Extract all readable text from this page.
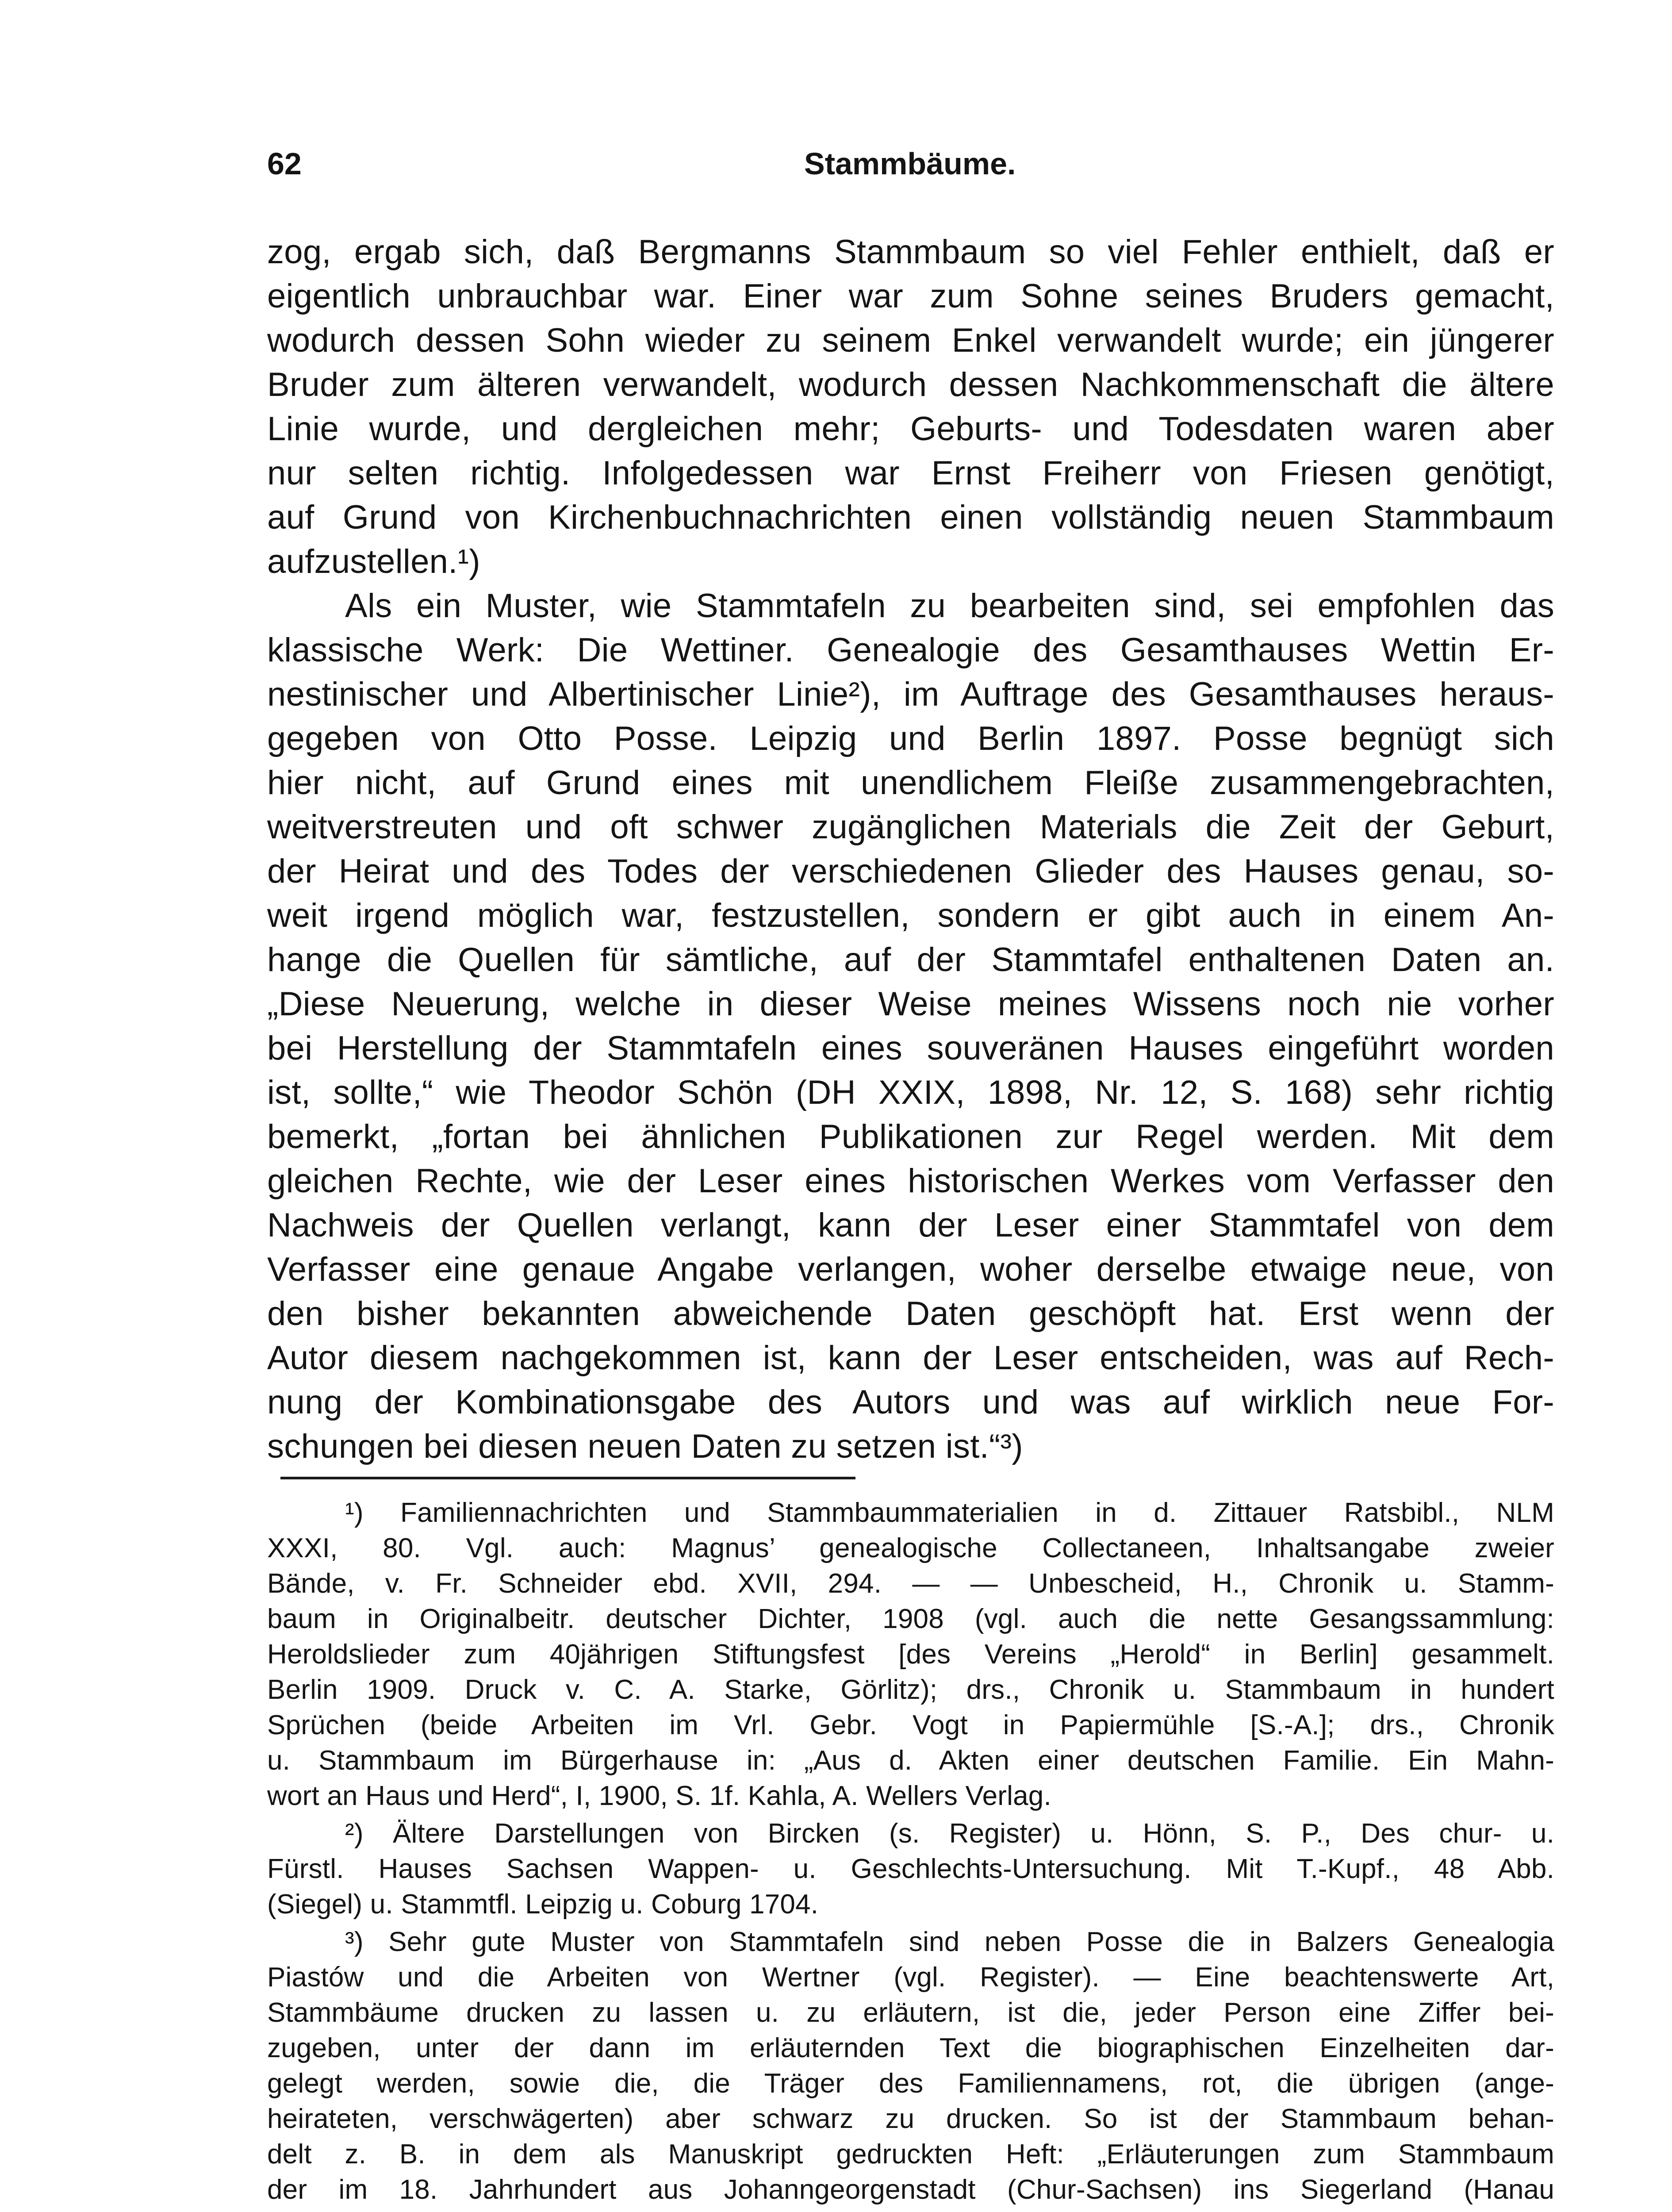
62	Stammbäume.
zog, ergab sich, daß Bergmanns Stammbaum so viel Fehler enthielt, daß er
eigentlich unbrauchbar war. Einer war zum Sohne seines Bruders gemacht,
wodurch dessen Sohn wieder zu seinem Enkel verwandelt wurde; ein jüngerer
Bruder zum älteren verwandelt, wodurch dessen Nachkommenschaft die ältere
Linie wurde, und dergleichen mehr; Geburts- und Todesdaten waren aber
nur selten richtig. Infolgedessen war Ernst Freiherr von Friesen genötigt,
auf Grund von Kirchenbuchnachrichten einen vollständig neuen Stammbaum
aufzustellen.¹)
Als ein Muster, wie Stammtafeln zu bearbeiten sind, sei empfohlen das
klassische Werk: Die Wettiner. Genealogie des Gesamthauses Wettin Er-
nestinischer und Albertinischer Linie²), im Auftrage des Gesamthauses heraus-
gegeben von Otto Posse. Leipzig und Berlin 1897. Posse begnügt sich
hier nicht, auf Grund eines mit unendlichem Fleiße zusammengebrachten,
weitverstreuten und oft schwer zugänglichen Materials die Zeit der Geburt,
der Heirat und des Todes der verschiedenen Glieder des Hauses genau, so-
weit irgend möglich war, festzustellen, sondern er gibt auch in einem An-
hange die Quellen für sämtliche, auf der Stammtafel enthaltenen Daten an.
„Diese Neuerung, welche in dieser Weise meines Wissens noch nie vorher
bei Herstellung der Stammtafeln eines souveränen Hauses eingeführt worden
ist, sollte,“ wie Theodor Schön (DH XXIX, 1898, Nr. 12, S. 168) sehr richtig
bemerkt, „fortan bei ähnlichen Publikationen zur Regel werden. Mit dem
gleichen Rechte, wie der Leser eines historischen Werkes vom Verfasser den
Nachweis der Quellen verlangt, kann der Leser einer Stammtafel von dem
Verfasser eine genaue Angabe verlangen, woher derselbe etwaige neue, von
den bisher bekannten abweichende Daten geschöpft hat. Erst wenn der
Autor diesem nachgekommen ist, kann der Leser entscheiden, was auf Rech-
nung der Kombinationsgabe des Autors und was auf wirklich neue For-
schungen bei diesen neuen Daten zu setzen ist.“³)
¹) Familiennachrichten und Stammbaummaterialien in d. Zittauer Ratsbibl., NLM
XXXI, 80. Vgl. auch: Magnus’ genealogische Collectaneen, Inhaltsangabe zweier
Bände, v. Fr. Schneider ebd. XVII, 294. — — Unbescheid, H., Chronik u. Stamm-
baum in Originalbeitr. deutscher Dichter, 1908 (vgl. auch die nette Gesangssammlung:
Heroldslieder zum 40jährigen Stiftungsfest [des Vereins „Herold“ in Berlin] gesammelt.
Berlin 1909. Druck v. C. A. Starke, Görlitz); drs., Chronik u. Stammbaum in hundert
Sprüchen (beide Arbeiten im Vrl. Gebr. Vogt in Papiermühle [S.-A.]; drs., Chronik
u. Stammbaum im Bürgerhause in: „Aus d. Akten einer deutschen Familie. Ein Mahn-
wort an Haus und Herd“, I, 1900, S. 1f. Kahla, A. Wellers Verlag.
²) Ältere Darstellungen von Bircken (s. Register) u. Hönn, S. P., Des chur- u.
Fürstl. Hauses Sachsen Wappen- u. Geschlechts-Untersuchung. Mit T.-Kupf., 48 Abb.
(Siegel) u. Stammtfl. Leipzig u. Coburg 1704.
³) Sehr gute Muster von Stammtafeln sind neben Posse die in Balzers Genealogia
Piastów und die Arbeiten von Wertner (vgl. Register). — Eine beachtenswerte Art,
Stammbäume drucken zu lassen u. zu erläutern, ist die, jeder Person eine Ziffer bei-
zugeben, unter der dann im erläuternden Text die biographischen Einzelheiten dar-
gelegt werden, sowie die, die Träger des Familiennamens, rot, die übrigen (ange-
heirateten, verschwägerten) aber schwarz zu drucken. So ist der Stammbaum behan-
delt z. B. in dem als Manuskript gedruckten Heft: „Erläuterungen zum Stammbaum
der im 18. Jahrhundert aus Johanngeorgenstadt (Chur-Sachsen) ins Siegerland (Hanau
